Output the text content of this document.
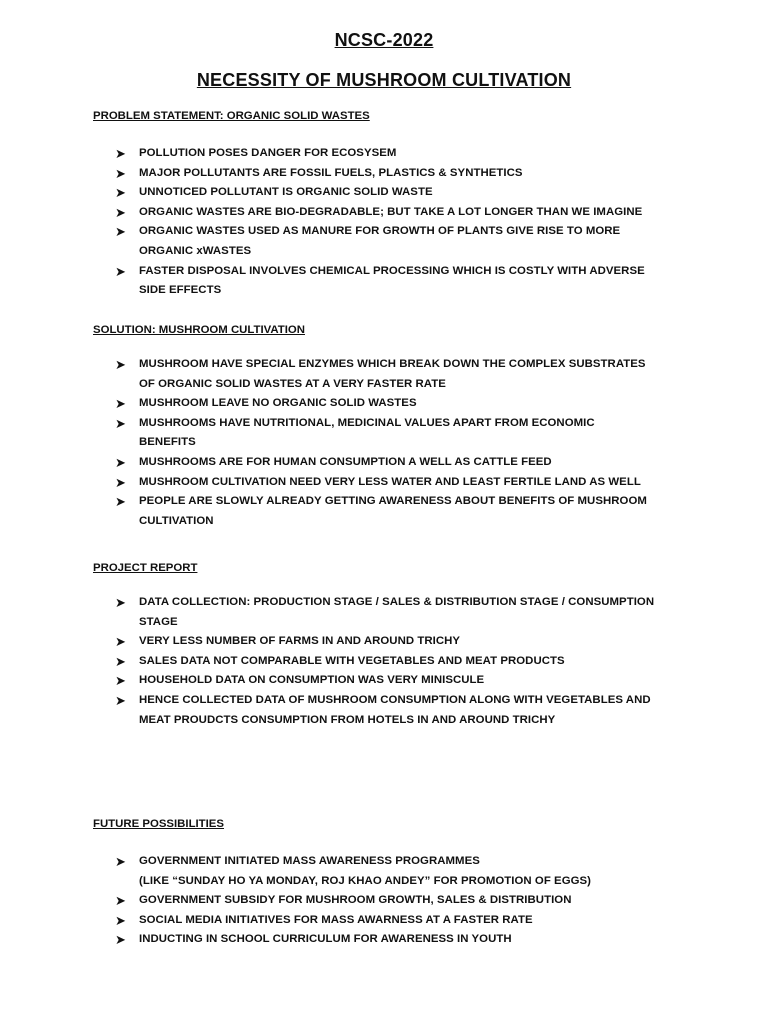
NCSC-2022
NECESSITY OF MUSHROOM CULTIVATION
PROBLEM STATEMENT: ORGANIC SOLID WASTES
➤ POLLUTION POSES DANGER FOR ECOSYSEM
➤ MAJOR POLLUTANTS ARE FOSSIL FUELS, PLASTICS & SYNTHETICS
➤ UNNOTICED POLLUTANT IS ORGANIC SOLID WASTE
➤ ORGANIC WASTES ARE BIO-DEGRADABLE; BUT TAKE A LOT LONGER THAN WE IMAGINE
➤ ORGANIC WASTES USED AS MANURE FOR GROWTH OF PLANTS GIVE RISE TO MORE
ORGANIC xWASTES
➤ FASTER DISPOSAL INVOLVES CHEMICAL PROCESSING WHICH IS COSTLY WITH ADVERSE
SIDE EFFECTS
SOLUTION: MUSHROOM CULTIVATION
➤ MUSHROOM HAVE SPECIAL ENZYMES WHICH BREAK DOWN THE COMPLEX SUBSTRATES
OF ORGANIC SOLID WASTES AT A VERY FASTER RATE
➤ MUSHROOM LEAVE NO ORGANIC SOLID WASTES
➤ MUSHROOMS HAVE NUTRITIONAL, MEDICINAL VALUES APART FROM ECONOMIC
BENEFITS
➤ MUSHROOMS ARE FOR HUMAN CONSUMPTION A WELL AS CATTLE FEED
➤ MUSHROOM CULTIVATION NEED VERY LESS WATER AND LEAST FERTILE LAND AS WELL
➤ PEOPLE ARE SLOWLY ALREADY GETTING AWARENESS ABOUT BENEFITS OF MUSHROOM
CULTIVATION
PROJECT REPORT
➤ DATA COLLECTION: PRODUCTION STAGE / SALES & DISTRIBUTION STAGE / CONSUMPTION
STAGE
➤ VERY LESS NUMBER OF FARMS IN AND AROUND TRICHY
➤ SALES DATA NOT COMPARABLE WITH VEGETABLES AND MEAT PRODUCTS
➤ HOUSEHOLD DATA ON CONSUMPTION WAS VERY MINISCULE
➤ HENCE COLLECTED DATA OF MUSHROOM CONSUMPTION ALONG WITH VEGETABLES AND
MEAT PROUDCTS CONSUMPTION FROM HOTELS IN AND AROUND TRICHY
FUTURE POSSIBILITIES
➤ GOVERNMENT INITIATED MASS AWARENESS PROGRAMMES
(LIKE “SUNDAY HO YA MONDAY, ROJ KHAO ANDEY” FOR PROMOTION OF EGGS)
➤ GOVERNMENT SUBSIDY FOR MUSHROOM GROWTH, SALES & DISTRIBUTION
➤ SOCIAL MEDIA INITIATIVES FOR MASS AWARNESS AT A FASTER RATE
➤ INDUCTING IN SCHOOL CURRICULUM FOR AWARENESS IN YOUTH
